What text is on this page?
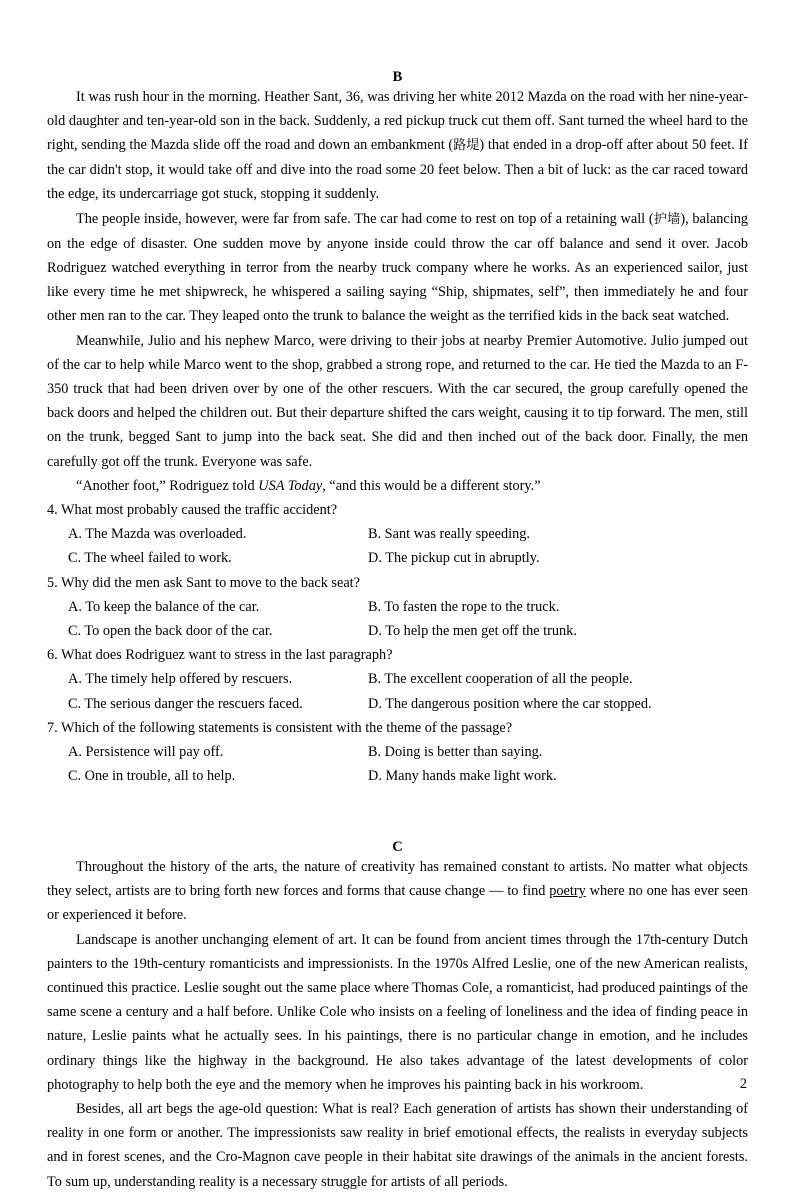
B

It was rush hour in the morning. Heather Sant, 36, was driving her white 2012 Mazda on the road with her nine-year-old daughter and ten-year-old son in the back. Suddenly, a red pickup truck cut them off. Sant turned the wheel hard to the right, sending the Mazda slide off the road and down an embankment (路堤) that ended in a drop-off after about 50 feet. If the car didn't stop, it would take off and dive into the road some 20 feet below. Then a bit of luck: as the car raced toward the edge, its undercarriage got stuck, stopping it suddenly.

The people inside, however, were far from safe. The car had come to rest on top of a retaining wall (护墙), balancing on the edge of disaster. One sudden move by anyone inside could throw the car off balance and send it over. Jacob Rodriguez watched everything in terror from the nearby truck company where he works. As an experienced sailor, just like every time he met shipwreck, he whispered a sailing saying “Ship, shipmates, self”, then immediately he and four other men ran to the car. They leaped onto the trunk to balance the weight as the terrified kids in the back seat watched.

Meanwhile, Julio and his nephew Marco, were driving to their jobs at nearby Premier Automotive. Julio jumped out of the car to help while Marco went to the shop, grabbed a strong rope, and returned to the car. He tied the Mazda to an F-350 truck that had been driven over by one of the other rescuers. With the car secured, the group carefully opened the back doors and helped the children out. But their departure shifted the cars weight, causing it to tip forward. The men, still on the trunk, begged Sant to jump into the back seat. She did and then inched out of the back door. Finally, the men carefully got off the trunk. Everyone was safe.

“Another foot,” Rodriguez told USA Today, “and this would be a different story.”

4. What most probably caused the traffic accident?

A. The Mazda was overloaded.	B. Sant was really speeding.
C. The wheel failed to work.	D. The pickup cut in abruptly.

5. Why did the men ask Sant to move to the back seat?

A. To keep the balance of the car.	B. To fasten the rope to the truck.
C. To open the back door of the car.	D. To help the men get off the trunk.

6. What does Rodriguez want to stress in the last paragraph?

A. The timely help offered by rescuers.	B. The excellent cooperation of all the people.
C. The serious danger the rescuers faced.	D. The dangerous position where the car stopped.

7. Which of the following statements is consistent with the theme of the passage?

A. Persistence will pay off.	B. Doing is better than saying.
C. One in trouble, all to help.	D. Many hands make light work.
C

Throughout the history of the arts, the nature of creativity has remained constant to artists. No matter what objects they select, artists are to bring forth new forces and forms that cause change — to find poetry where no one has ever seen or experienced it before.

Landscape is another unchanging element of art. It can be found from ancient times through the 17th-century Dutch painters to the 19th-century romanticists and impressionists. In the 1970s Alfred Leslie, one of the new American realists, continued this practice. Leslie sought out the same place where Thomas Cole, a romanticist, had produced paintings of the same scene a century and a half before. Unlike Cole who insists on a feeling of loneliness and the idea of finding peace in nature, Leslie paints what he actually sees. In his paintings, there is no particular change in emotion, and he includes ordinary things like the highway in the background. He also takes advantage of the latest developments of color photography to help both the eye and the memory when he improves his painting back in his workroom.

Besides, all art begs the age-old question: What is real? Each generation of artists has shown their understanding of reality in one form or another. The impressionists saw reality in brief emotional effects, the realists in everyday subjects and in forest scenes, and the Cro-Magnon cave people in their habitat site drawings of the animals in the ancient forests. To sum up, understanding reality is a necessary struggle for artists of all periods.

2
